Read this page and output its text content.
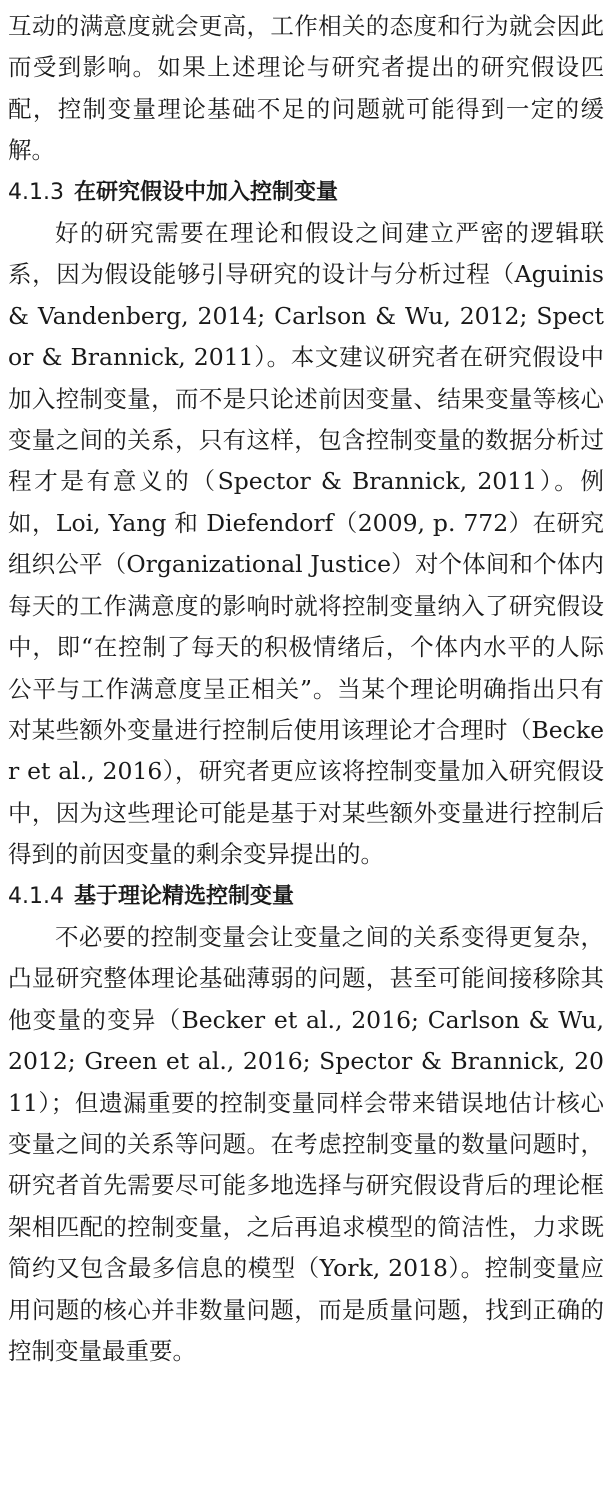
互动的满意度就会更高，工作相关的态度和行为就会因此而受到影响。如果上述理论与研究者提出的研究假设匹配，控制变量理论基础不足的问题就可能得到一定的缓解。

4.1.3 在研究假设中加入控制变量

好的研究需要在理论和假设之间建立严密的逻辑联系，因为假设能够引导研究的设计与分析过程（Aguinis & Vandenberg, 2014; Carlson & Wu, 2012; Spector & Brannick, 2011）。本文建议研究者在研究假设中加入控制变量，而不是只论述前因变量、结果变量等核心变量之间的关系，只有这样，包含控制变量的数据分析过程才是有意义的（Spector & Brannick, 2011）。例如，Loi, Yang 和 Diefendorf（2009, p. 772）在研究组织公平（Organizational Justice）对个体间和个体内每天的工作满意度的影响时就将控制变量纳入了研究假设中，即“在控制了每天的积极情绪后，个体内水平的人际公平与工作满意度呈正相关”。当某个理论明确指出只有对某些额外变量进行控制后使用该理论才合理时（Becker et al., 2016），研究者更应该将控制变量加入研究假设中，因为这些理论可能是基于对某些额外变量进行控制后得到的前因变量的剩余变异提出的。

4.1.4 基于理论精选控制变量

不必要的控制变量会让变量之间的关系变得更复杂，凸显研究整体理论基础薄弱的问题，甚至可能间接移除其他变量的变异（Becker et al., 2016; Carlson & Wu, 2012; Green et al., 2016; Spector & Brannick, 2011）；但遗漏重要的控制变量同样会带来错误地估计核心变量之间的关系等问题。在考虑控制变量的数量问题时，研究者首先需要尽可能多地选择与研究假设背后的理论框架相匹配的控制变量，之后再追求模型的简洁性，力求既简约又包含最多信息的模型（York, 2018）。控制变量应用问题的核心并非数量问题，而是质量问题，找到正确的控制变量最重要。
